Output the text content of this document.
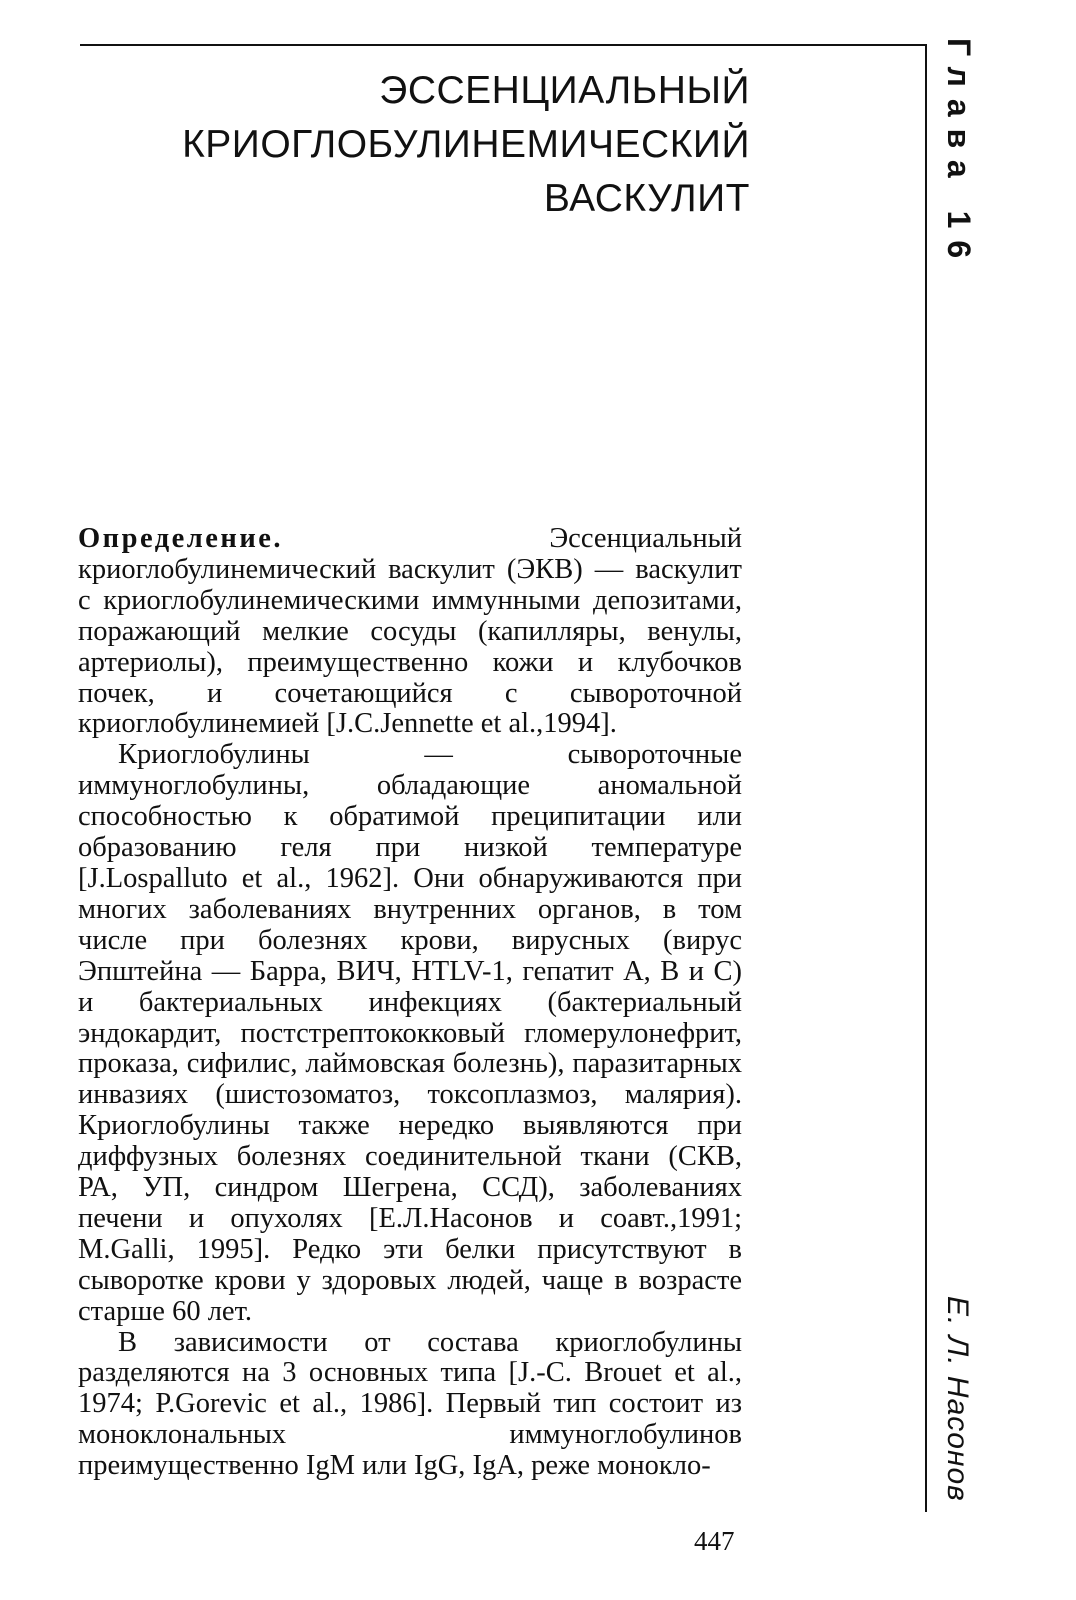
ЭССЕНЦИАЛЬНЫЙ
КРИОГЛОБУЛИНЕМИЧЕСКИЙ
ВАСКУЛИТ	Глава 16
Е. Л. Насонов

Определение.	Эссенциальный криоглобулинемический васкулит (ЭКВ) — васкулит с криоглобулинемическими иммунными депозитами, поражающий мелкие сосуды (капилляры, венулы, артериолы), преимущественно кожи и клубочков почек, и сочетающийся с сывороточной криоглобулинемией [J.C.Jennette et al.,1994].

Криоглобулины — сывороточные иммуноглобулины, обладающие аномальной способностью к обратимой преципитации или образованию геля при низкой температуре [J.Lospalluto et al., 1962]. Они обнаруживаются при многих заболеваниях внутренних органов, в том числе при болезнях крови, вирусных (вирус Эпштейна — Барра, ВИЧ, HTLV-1, гепатит А, В и С) и бактериальных инфекциях (бактериальный эндокардит, постстрептококковый гломерулонефрит, проказа, сифилис, лаймовская болезнь), паразитарных инвазиях (шистозоматоз, токсоплазмоз, малярия). Криоглобулины также нередко выявляются при диффузных болезнях соединительной ткани (СКВ, РА, УП, синдром Шегрена, ССД), заболеваниях печени и опухолях [Е.Л.Насонов и соавт.,1991; M.Galli, 1995]. Редко эти белки присутствуют в сыворотке крови у здоровых людей, чаще в возрасте старше 60 лет.

В зависимости от состава криоглобулины разделяются на 3 основных типа [J.-C. Brouet et al., 1974; P.Gorevic et al., 1986]. Первый тип состоит из моноклональных иммуноглобулинов преимущественно IgM или IgG, IgA, реже моноклo-

447
